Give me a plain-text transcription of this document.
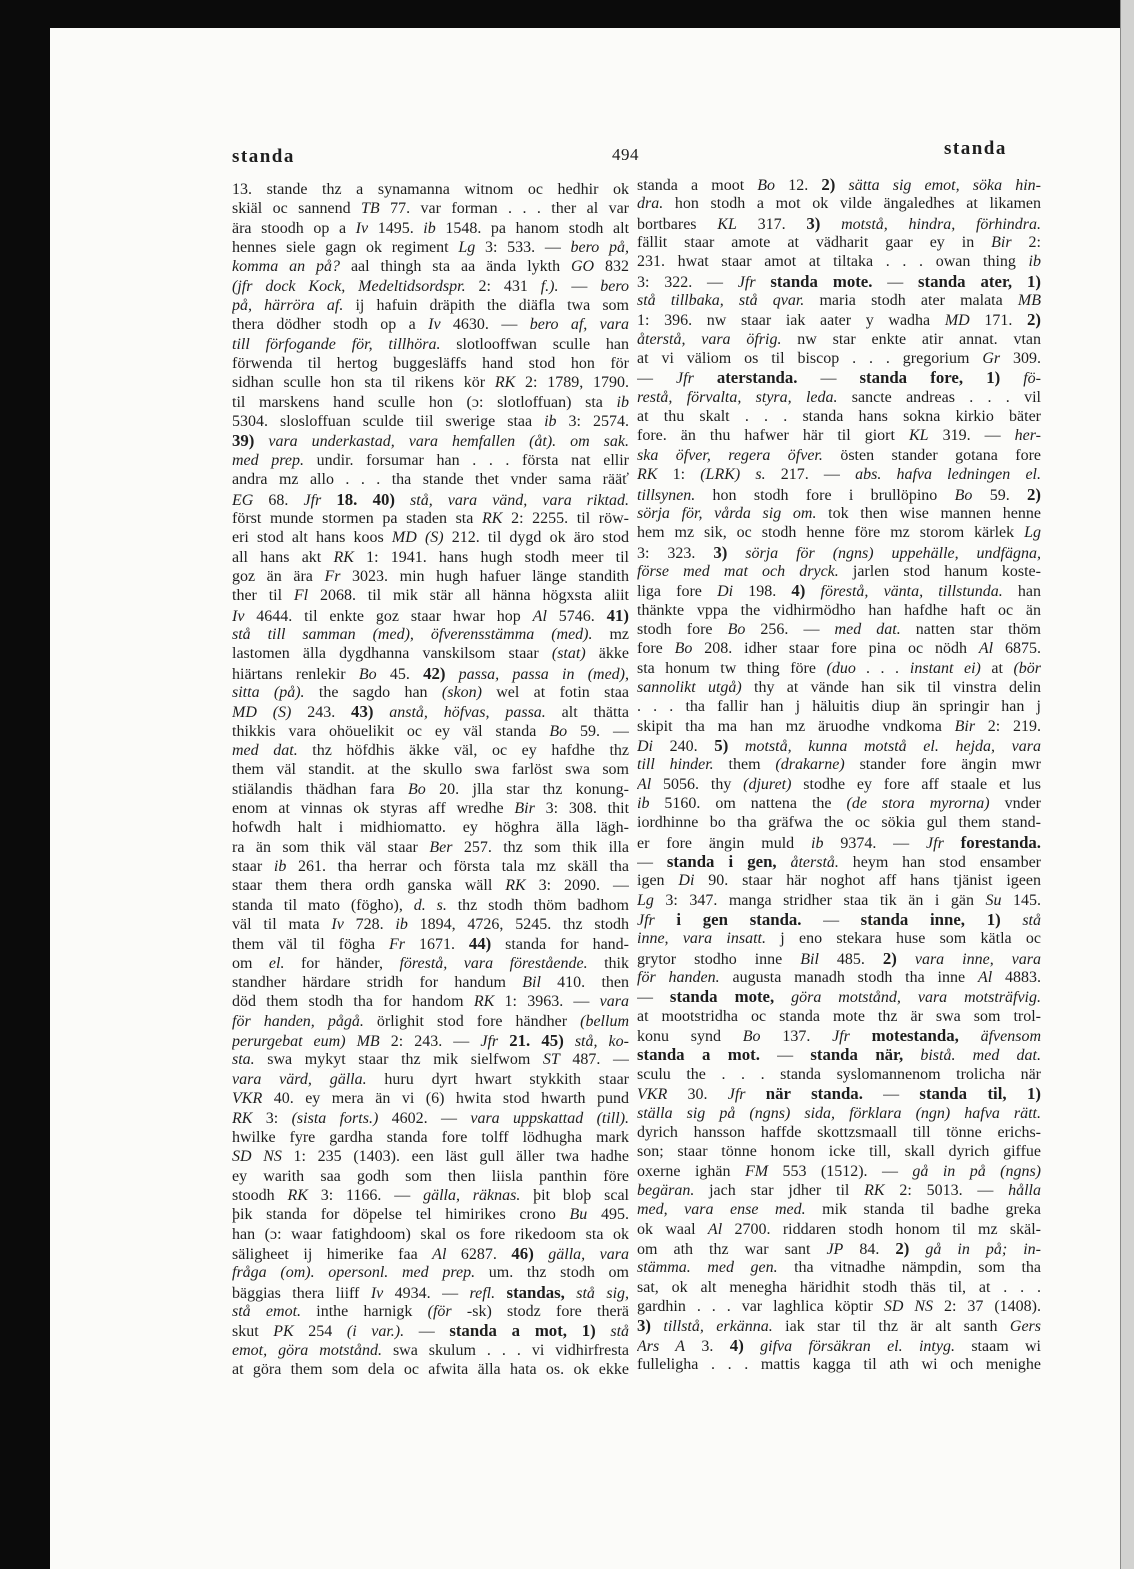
standa	494	standa
13. stande thz a synamanna witnom oc hedhir ok
skiäl oc sannend TB 77. var forman . . . ther al var
ära stoodh op a Iv 1495. ib 1548. pa hanom stodh alt
hennes siele gagn ok regiment Lg 3: 533. — bero på,
komma an på? aal thingh sta aa ända lykth GO 832
(jfr dock Kock, Medeltidsordspr. 2: 431 f.). — bero
på, härröra af. ij hafuin dräpith the diäfla twa som
thera dödher stodh op a Iv 4630. — bero af, vara
till förfogande för, tillhöra. slotlooffwan sculle han
förwenda til hertog buggesläffs hand stod hon för
sidhan sculle hon sta til rikens kör RK 2: 1789, 1790.
til marskens hand sculle hon (ɔ: slotloffuan) sta ib
5304. slosloffuan sculde tiil swerige staa ib 3: 2574.
39) vara underkastad, vara hemfallen (åt). om sak.
med prep. undir. forsumar han . . . första nat ellir
andra mz allo . . . tha stande thet vnder sama rääť
EG 68. Jfr 18. 40) stå, vara vänd, vara riktad.
först munde stormen pa staden sta RK 2: 2255. til röw-
eri stod alt hans koos MD (S) 212. til dygd ok äro stod
all hans akt RK 1: 1941. hans hugh stodh meer til
goz än ära Fr 3023. min hugh hafuer länge standith
ther til Fl 2068. til mik stär all hänna högxsta aliit
Iv 4644. til enkte goz staar hwar hop Al 5746. 41)
stå till samman (med), öfverensstämma (med). mz
lastomen älla dygdhanna vanskilsom staar (stat) äkke
hiärtans renlekir Bo 45. 42) passa, passa in (med),
sitta (på). the sagdo han (skon) wel at fotin staa
MD (S) 243. 43) anstå, höfvas, passa. alt thätta
thikkis vara ohöuelikit oc ey väl standa Bo 59. —
med dat. thz höfdhis äkke väl, oc ey hafdhe thz
them väl standit. at the skullo swa farlöst swa som
stiälandis thädhan fara Bo 20. jlla star thz konung-
enom at vinnas ok styras aff wredhe Bir 3: 308. thit
hofwdh halt i midhiomatto. ey höghra älla lägh-
ra än som thik väl staar Ber 257. thz som thik illa
staar ib 261. tha herrar och första tala mz skäll tha
staar them thera ordh ganska wäll RK 3: 2090. —
standa til mato (fögho), d. s. thz stodh thöm badhom
väl til mata Iv 728. ib 1894, 4726, 5245. thz stodh
them väl til fögha Fr 1671. 44) standa for hand-
om el. for händer, förestå, vara förestående. thik
standher härdare stridh for handum Bil 410. then
död them stodh tha for handom RK 1: 3963. — vara
för handen, pågå. örlighit stod fore händher (bellum
perurgebat eum) MB 2: 243. — Jfr 21. 45) stå, ko-
sta. swa mykyt staar thz mik sielfwom ST 487. —
vara värd, gälla. huru dyrt hwart stykkith staar
VKR 40. ey mera än vi (6) hwita stod hwarth pund
RK 3: (sista forts.) 4602. — vara uppskattad (till).
hwilke fyre gardha standa fore tolff lödhugha mark
SD NS 1: 235 (1403). een läst gull äller twa hadhe
ey warith saa godh som then liisla panthin före
stoodh RK 3: 1166. — gälla, räknas. þit bloþ scal
þik standa for döpelse tel himirikes crono Bu 495.
han (ɔ: waar fatighdoom) skal os fore rikedoom sta ok
säligheet ij himerike faa Al 6287. 46) gälla, vara
fråga (om). opersonl. med prep. um. thz stodh om
bäggias thera liiff Iv 4934. — refl. standas, stå sig,
stå emot. inthe harnigk (för -sk) stodz fore therä
skut PK 254 (i var.). — standa a mot, 1) stå
emot, göra motstånd. swa skulum . . . vi vidhirfresta
at göra them som dela oc afwita älla hata os. ok ekke
standa a moot Bo 12. 2) sätta sig emot, söka hin-
dra. hon stodh a mot ok vilde ängaledhes at likamen
bortbares KL 317. 3) motstå, hindra, förhindra.
fällit staar amote at vädharit gaar ey in Bir 2:
231. hwat staar amot at tiltaka . . . owan thing ib
3: 322. — Jfr standa mote. — standa ater, 1)
stå tillbaka, stå qvar. maria stodh ater malata MB
1: 396. nw staar iak aater y wadha MD 171. 2)
återstå, vara öfrig. nw star enkte atir annat. vtan
at vi väliom os til biscop . . . gregorium Gr 309.
— Jfr aterstanda. — standa fore, 1) fö-
restå, förvalta, styra, leda. sancte andreas . . . vil
at thu skalt . . . standa hans sokna kirkio bäter
fore. än thu hafwer här til giort KL 319. — her-
ska öfver, regera öfver. östen stander gotana fore
RK 1: (LRK) s. 217. — abs. hafva ledningen el.
tillsynen. hon stodh fore i brullöpino Bo 59. 2)
sörja för, vårda sig om. tok then wise mannen henne
hem mz sik, oc stodh henne före mz storom kärlek Lg
3: 323. 3) sörja för (ngns) uppehälle, undfägna,
förse med mat och dryck. jarlen stod hanum koste-
liga fore Di 198. 4) förestå, vänta, tillstunda. han
thänkte vppa the vidhirmödho han hafdhe haft oc än
stodh fore Bo 256. — med dat. natten star thöm
fore Bo 208. idher staar fore pina oc nödh Al 6875.
sta honum tw thing före (duo . . . instant ei) at (bör
sannolikt utgå) thy at vände han sik til vinstra delin
. . . tha fallir han j häluitis diup än springir han j
skipit tha ma han mz äruodhe vndkoma Bir 2: 219.
Di 240. 5) motstå, kunna motstå el. hejda, vara
till hinder. them (drakarne) stander fore ängin mwr
Al 5056. thy (djuret) stodhe ey fore aff staale et lus
ib 5160. om nattena the (de stora myrorna) vnder
iordhinne bo tha gräfwa the oc sökia gul them stand-
er fore ängin muld ib 9374. — Jfr forestanda.
— standa i gen, återstå. heym han stod ensamber
igen Di 90. staar här noghot aff hans tjänist igeen
Lg 3: 347. manga stridher staa tik än i gän Su 145.
Jfr i gen standa. — standa inne, 1) stå
inne, vara insatt. j eno stekara huse som kätla oc
grytor stodho inne Bil 485. 2) vara inne, vara
för handen. augusta manadh stodh tha inne Al 4883.
— standa mote, göra motstånd, vara motsträfvig.
at mootstridha oc standa mote thz är swa som trol-
konu synd Bo 137. Jfr motestanda, äfvensom
standa a mot. — standa när, bistå. med dat.
sculu the . . . standa syslomannenom trolicha när
VKR 30. Jfr när standa. — standa til, 1)
ställa sig på (ngns) sida, förklara (ngn) hafva rätt.
dyrich hansson haffde skottzsmaall till tönne erichs-
son; staar tönne honom icke till, skall dyrich giffue
oxerne ighän FM 553 (1512). — gå in på (ngns)
begäran. jach star jdher til RK 2: 5013. — hålla
med, vara ense med. mik standa til badhe greka
ok waal Al 2700. riddaren stodh honom til mz skäl-
om ath thz war sant JP 84. 2) gå in på; in-
stämma. med gen. tha vitnadhe nämpdin, som tha
sat, ok alt menegha häridhit stodh thäs til, at . . .
gardhin . . . var laghlica köptir SD NS 2: 37 (1408).
3) tillstå, erkänna. iak star til thz är alt santh Gers
Ars A 3. 4) gifva försäkran el. intyg. staam wi
fulleligha . . . mattis kagga til ath wi och menighe
